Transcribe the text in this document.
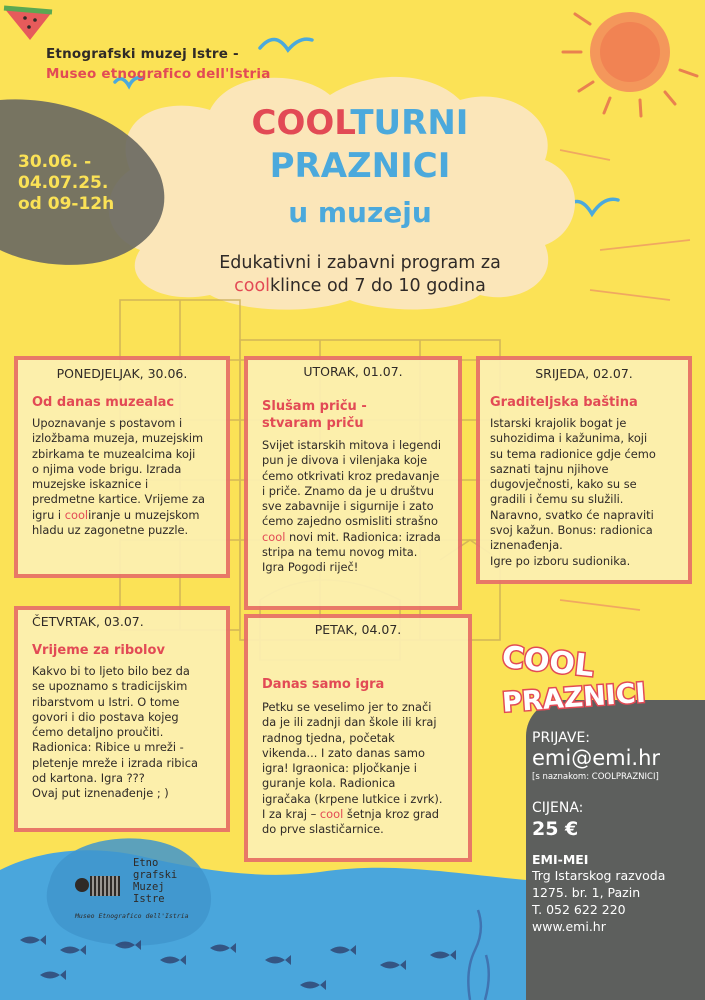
Etnografski muzej Istre -
Museo etnografico dell'Istria
30.06. -
04.07.25.
od 09-12h
COOLTURNI
PRAZNICI
u muzeju
Edukativni i zabavni program za
coolklince od 7 do 10 godina
PONEDJELJAK, 30.06.
Od danas muzealac
Upoznavanje s postavom i
izložbama muzeja, muzejskim
zbirkama te muzealcima koji
o njima vode brigu. Izrada
muzejske iskaznice i
predmetne kartice. Vrijeme za
igru i cooliranje u muzejskom
hladu uz zagonetne puzzle.
UTORAK, 01.07.
Slušam priču -
stvaram priču
Svijet istarskih mitova i legendi
pun je divova i vilenjaka koje
ćemo otkrivati kroz predavanje
i priče. Znamo da je u društvu
sve zabavnije i sigurnije i zato
ćemo zajedno osmisliti strašno
cool novi mit. Radionica: izrada
stripa na temu novog mita.
Igra Pogodi riječ!
SRIJEDA, 02.07.
Graditeljska baština
Istarski krajolik bogat je
suhozidima i kažunima, koji
su tema radionice gdje ćemo
saznati tajnu njihove
dugovječnosti, kako su se
gradili i čemu su služili.
Naravno, svatko će napraviti
svoj kažun. Bonus: radionica
iznenađenja.
Igre po izboru sudionika.
ČETVRTAK, 03.07.
Vrijeme za ribolov
Kakvo bi to ljeto bilo bez da
se upoznamo s tradicijskim
ribarstvom u Istri. O tome
govori i dio postava kojeg
ćemo detaljno proučiti.
Radionica: Ribice u mreži -
pletenje mreže i izrada ribica
od kartona. Igra ???
Ovaj put iznenađenje ; )
PETAK, 04.07.
Danas samo igra
Petku se veselimo jer to znači
da je ili zadnji dan škole ili kraj
radnog tjedna, početak
vikenda... I zato danas samo
igra! Igraonica: pljočkanje i
guranje kola. Radionica
igračaka (krpene lutkice i zvrk).
I za kraj – cool šetnja kroz grad
do prve slastičarnice.
PRIJAVE:
emi@emi.hr
[s naznakom: COOLPRAZNICI]
CIJENA:
25 €
EMI-MEI
Trg Istarskog razvoda
1275. br. 1, Pazin
T. 052 622 220
www.emi.hr
COOL
PRAZNICI
Etno
grafski
Muzej
Istre
Museo Etnografico dell'Istria
